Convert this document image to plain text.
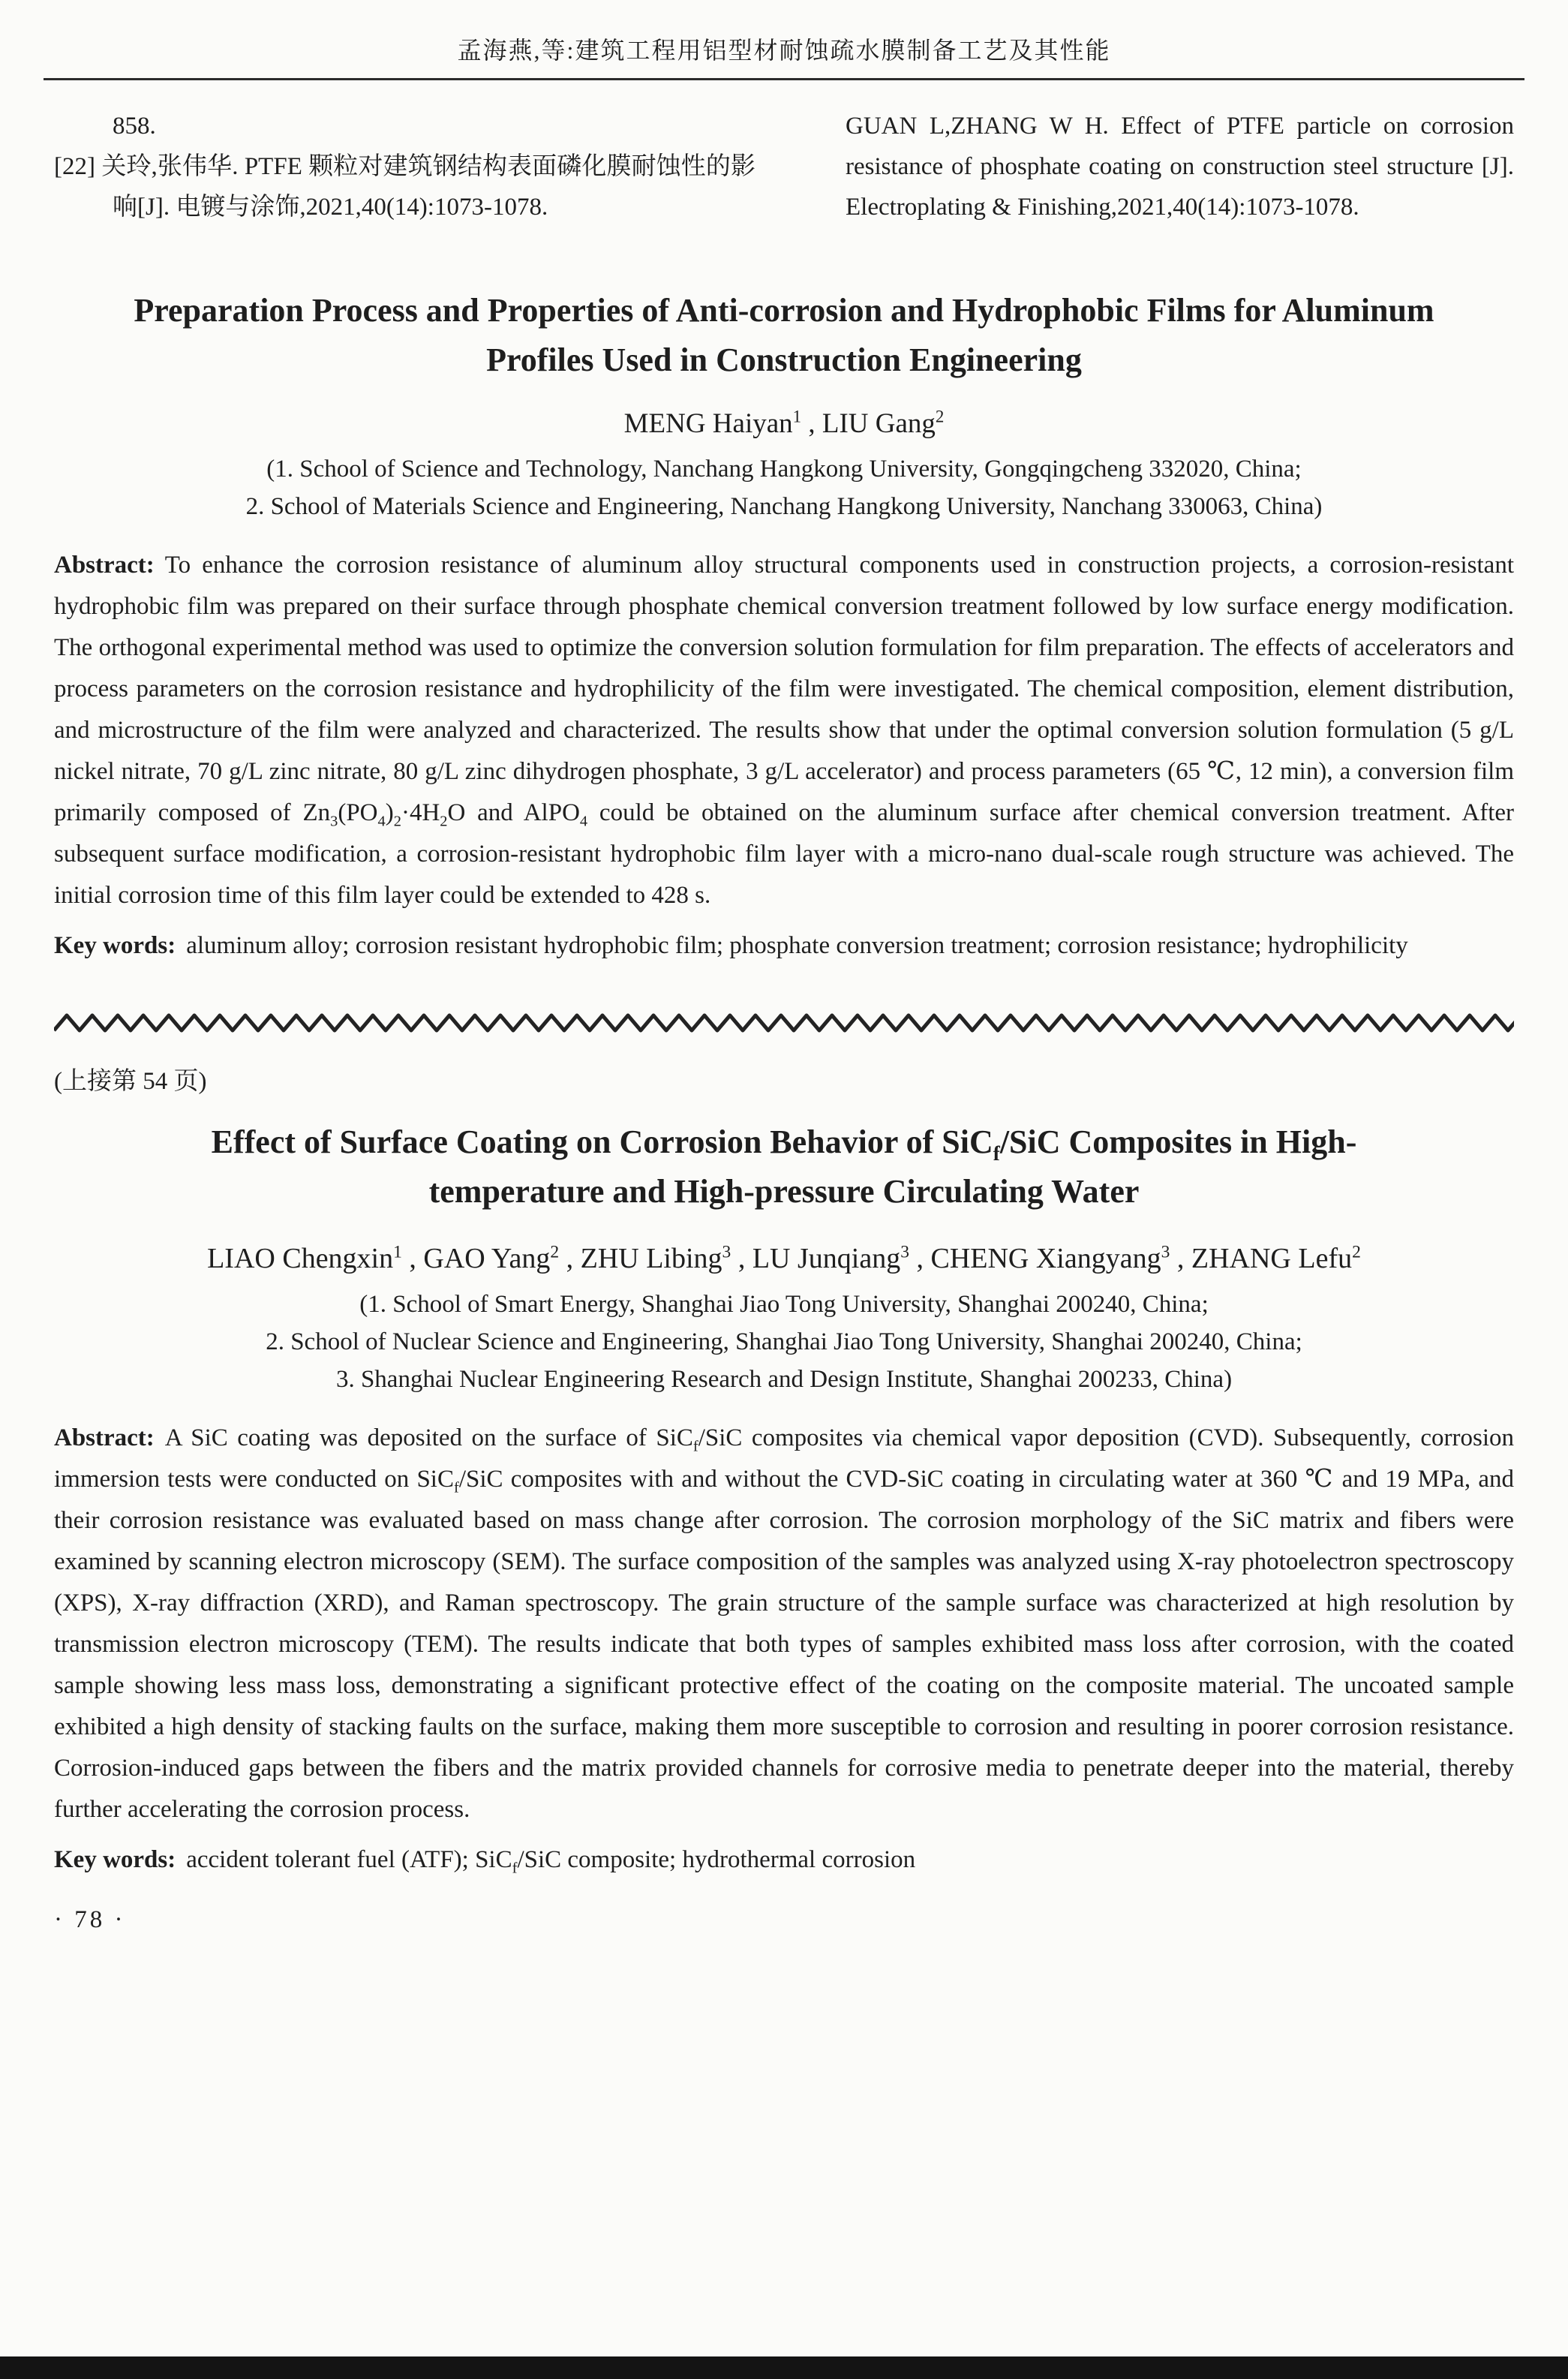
孟海燕,等:建筑工程用铝型材耐蚀疏水膜制备工艺及其性能
858.
[22] 关玲,张伟华. PTFE 颗粒对建筑钢结构表面磷化膜耐蚀性的影响[J]. 电镀与涂饰,2021,40(14):1073-1078.
GUAN L,ZHANG W H. Effect of PTFE particle on corrosion resistance of phosphate coating on construction steel structure [J]. Electroplating & Finishing,2021,40(14):1073-1078.
Preparation Process and Properties of Anti-corrosion and Hydrophobic Films for Aluminum Profiles Used in Construction Engineering
MENG Haiyan$^1$ , LIU Gang$^2$
(1. School of Science and Technology, Nanchang Hangkong University, Gongqingcheng 332020, China;
2. School of Materials Science and Engineering, Nanchang Hangkong University, Nanchang 330063, China)

Abstract: To enhance the corrosion resistance of aluminum alloy structural components used in construction projects, a corrosion-resistant hydrophobic film was prepared on their surface through phosphate chemical conversion treatment followed by low surface energy modification. The orthogonal experimental method was used to optimize the conversion solution formulation for film preparation. The effects of accelerators and process parameters on the corrosion resistance and hydrophilicity of the film were investigated. The chemical composition, element distribution, and microstructure of the film were analyzed and characterized. The results show that under the optimal conversion solution formulation (5 g/L nickel nitrate, 70 g/L zinc nitrate, 80 g/L zinc dihydrogen phosphate, 3 g/L accelerator) and process parameters (65 ℃, 12 min), a conversion film primarily composed of $Zn_3(PO_4)_2\cdot 4H_2O$ and AlPO$_4$ could be obtained on the aluminum surface after chemical conversion treatment. After subsequent surface modification, a corrosion-resistant hydrophobic film layer with a micro-nano dual-scale rough structure was achieved. The initial corrosion time of this film layer could be extended to 428 s.

Key words: aluminum alloy; corrosion resistant hydrophobic film; phosphate conversion treatment; corrosion resistance; hydrophilicity

(上接第 54 页)
Effect of Surface Coating on Corrosion Behavior of SiC$_f$/SiC Composites in High-temperature and High-pressure Circulating Water
LIAO Chengxin$^1$ , GAO Yang$^2$ , ZHU Libing$^3$ , LU Junqiang$^3$ , CHENG Xiangyang$^3$ , ZHANG Lefu$^2$
(1. School of Smart Energy, Shanghai Jiao Tong University, Shanghai 200240, China;
2. School of Nuclear Science and Engineering, Shanghai Jiao Tong University, Shanghai 200240, China;
3. Shanghai Nuclear Engineering Research and Design Institute, Shanghai 200233, China)

Abstract: A SiC coating was deposited on the surface of SiC$_f$/SiC composites via chemical vapor deposition (CVD). Subsequently, corrosion immersion tests were conducted on SiC$_f$/SiC composites with and without the CVD-SiC coating in circulating water at 360 ℃ and 19 MPa, and their corrosion resistance was evaluated based on mass change after corrosion. The corrosion morphology of the SiC matrix and fibers were examined by scanning electron microscopy (SEM). The surface composition of the samples was analyzed using X-ray photoelectron spectroscopy (XPS), X-ray diffraction (XRD), and Raman spectroscopy. The grain structure of the sample surface was characterized at high resolution by transmission electron microscopy (TEM). The results indicate that both types of samples exhibited mass loss after corrosion, with the coated sample showing less mass loss, demonstrating a significant protective effect of the coating on the composite material. The uncoated sample exhibited a high density of stacking faults on the surface, making them more susceptible to corrosion and resulting in poorer corrosion resistance. Corrosion-induced gaps between the fibers and the matrix provided channels for corrosive media to penetrate deeper into the material, thereby further accelerating the corrosion process.

Key words: accident tolerant fuel (ATF); SiC$_f$/SiC composite; hydrothermal corrosion

· 78 ·
